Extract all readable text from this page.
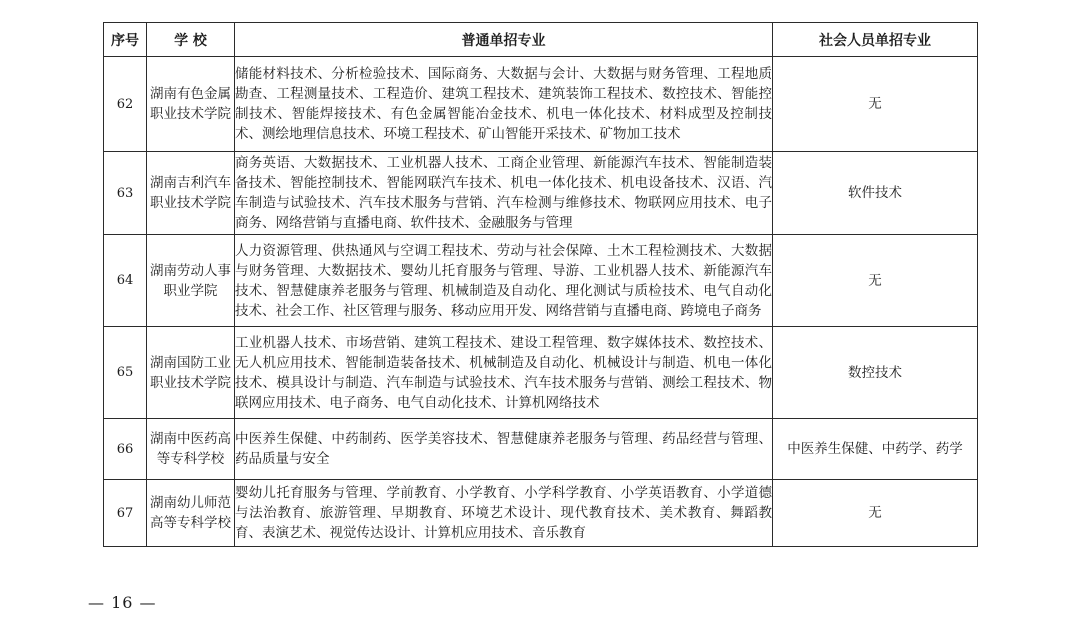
序号	学 校	普通单招专业	社会人员单招专业
62	湖南有色金属职业技术学院	储能材料技术、分析检验技术、国际商务、大数据与会计、大数据与财务管理、工程地质勘查、工程测量技术、工程造价、建筑工程技术、建筑装饰工程技术、数控技术、智能控制技术、智能焊接技术、有色金属智能冶金技术、机电一体化技术、材料成型及控制技术、测绘地理信息技术、环境工程技术、矿山智能开采技术、矿物加工技术	无
63	湖南吉利汽车职业技术学院	商务英语、大数据技术、工业机器人技术、工商企业管理、新能源汽车技术、智能制造装备技术、智能控制技术、智能网联汽车技术、机电一体化技术、机电设备技术、汉语、汽车制造与试验技术、汽车技术服务与营销、汽车检测与维修技术、物联网应用技术、电子商务、网络营销与直播电商、软件技术、金融服务与管理	软件技术
64	湖南劳动人事职业学院	人力资源管理、供热通风与空调工程技术、劳动与社会保障、土木工程检测技术、大数据与财务管理、大数据技术、婴幼儿托育服务与管理、导游、工业机器人技术、新能源汽车技术、智慧健康养老服务与管理、机械制造及自动化、理化测试与质检技术、电气自动化技术、社会工作、社区管理与服务、移动应用开发、网络营销与直播电商、跨境电子商务	无
65	湖南国防工业职业技术学院	工业机器人技术、市场营销、建筑工程技术、建设工程管理、数字媒体技术、数控技术、无人机应用技术、智能制造装备技术、机械制造及自动化、机械设计与制造、机电一体化技术、模具设计与制造、汽车制造与试验技术、汽车技术服务与营销、测绘工程技术、物联网应用技术、电子商务、电气自动化技术、计算机网络技术	数控技术
66	湖南中医药高等专科学校	中医养生保健、中药制药、医学美容技术、智慧健康养老服务与管理、药品经营与管理、药品质量与安全	中医养生保健、中药学、药学
67	湖南幼儿师范高等专科学校	婴幼儿托育服务与管理、学前教育、小学教育、小学科学教育、小学英语教育、小学道德与法治教育、旅游管理、早期教育、环境艺术设计、现代教育技术、美术教育、舞蹈教育、表演艺术、视觉传达设计、计算机应用技术、音乐教育	无
— 16 —
